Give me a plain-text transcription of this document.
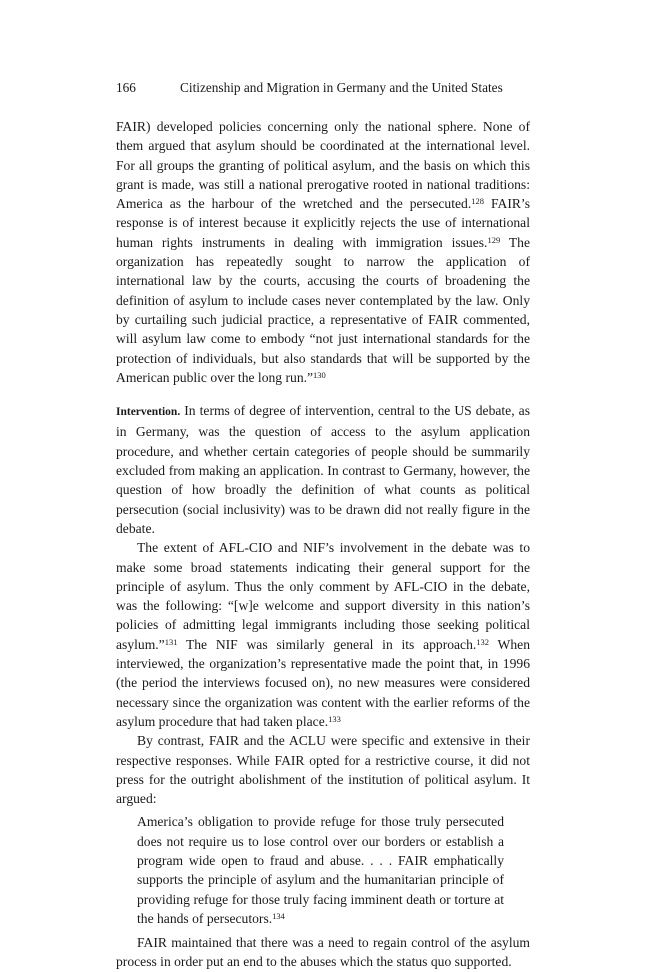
166	Citizenship and Migration in Germany and the United States

FAIR) developed policies concerning only the national sphere. None of them argued that asylum should be coordinated at the international level. For all groups the granting of political asylum, and the basis on which this grant is made, was still a national prerogative rooted in national traditions: America as the harbour of the wretched and the persecuted.$^{128}$ FAIR’s response is of interest because it explicitly rejects the use of international human rights instruments in dealing with immigration issues.$^{129}$ The organization has repeatedly sought to narrow the application of international law by the courts, accusing the courts of broadening the definition of asylum to include cases never contemplated by the law. Only by curtailing such judicial practice, a representative of FAIR commented, will asylum law come to embody “not just international standards for the protection of individuals, but also standards that will be supported by the American public over the long run.”$^{130}$

Intervention. In terms of degree of intervention, central to the US debate, as in Germany, was the question of access to the asylum application procedure, and whether certain categories of people should be summarily excluded from making an application. In contrast to Germany, however, the question of how broadly the definition of what counts as political persecution (social inclusivity) was to be drawn did not really figure in the debate.

The extent of AFL-CIO and NIF’s involvement in the debate was to make some broad statements indicating their general support for the principle of asylum. Thus the only comment by AFL-CIO in the debate, was the following: “[w]e welcome and support diversity in this nation’s policies of admitting legal immigrants including those seeking political asylum.”$^{131}$ The NIF was similarly general in its approach.$^{132}$ When interviewed, the organization’s representative made the point that, in 1996 (the period the interviews focused on), no new measures were considered necessary since the organization was content with the earlier reforms of the asylum procedure that had taken place.$^{133}$

By contrast, FAIR and the ACLU were specific and extensive in their respective responses. While FAIR opted for a restrictive course, it did not press for the outright abolishment of the institution of political asylum. It argued:

America’s obligation to provide refuge for those truly persecuted does not require us to lose control over our borders or establish a program wide open to fraud and abuse. . . . FAIR emphatically supports the principle of asylum and the humanitarian principle of providing refuge for those truly facing imminent death or torture at the hands of persecutors.$^{134}$

FAIR maintained that there was a need to regain control of the asylum process in order put an end to the abuses which the status quo supported.
